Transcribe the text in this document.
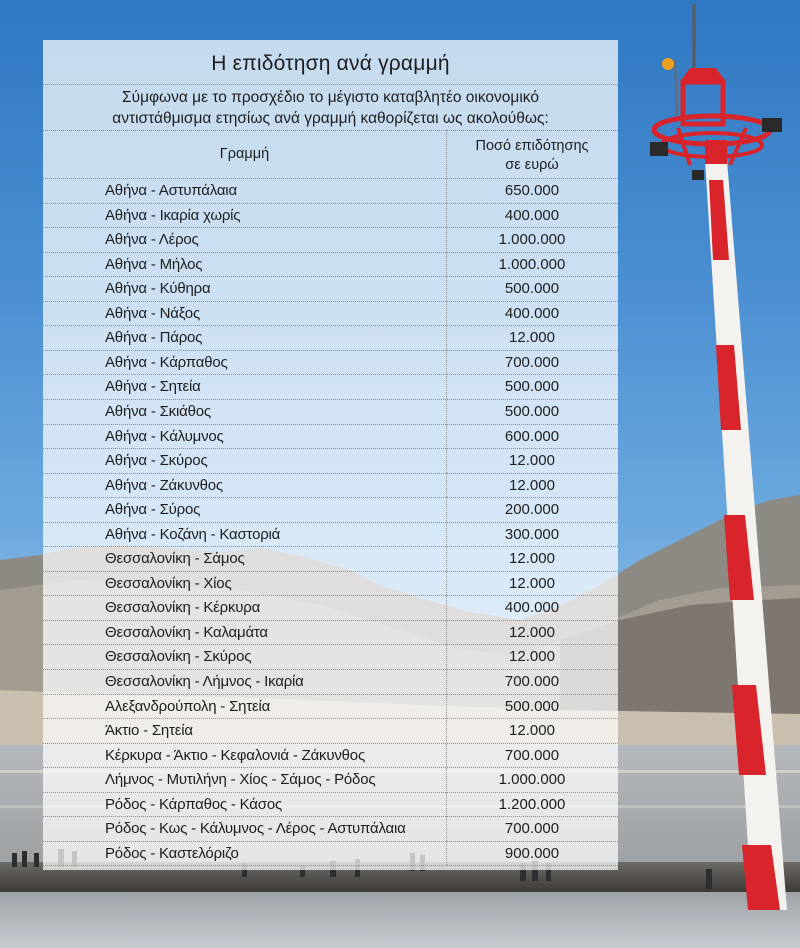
Η επιδότηση ανά γραμμή
Σύμφωνα με το προσχέδιο το μέγιστο καταβλητέο οικονομικό
αντιστάθμισμα ετησίως ανά γραμμή καθορίζεται ως ακολούθως:
Γραμμή	Ποσό επιδότησης
σε ευρώ
Αθήνα - Αστυπάλαια	650.000
Αθήνα - Ικαρία χωρίς	400.000
Αθήνα - Λέρος	1.000.000
Αθήνα - Μήλος	1.000.000
Αθήνα - Κύθηρα	500.000
Αθήνα - Νάξος	400.000
Αθήνα - Πάρος	12.000
Αθήνα - Κάρπαθος	700.000
Αθήνα - Σητεία	500.000
Αθήνα - Σκιάθος	500.000
Αθήνα - Κάλυμνος	600.000
Αθήνα - Σκύρος	12.000
Αθήνα - Ζάκυνθος	12.000
Αθήνα - Σύρος	200.000
Αθήνα - Κοζάνη - Καστοριά	300.000
Θεσσαλονίκη - Σάμος	12.000
Θεσσαλονίκη - Χίος	12.000
Θεσσαλονίκη - Κέρκυρα	400.000
Θεσσαλονίκη - Καλαμάτα	12.000
Θεσσαλονίκη - Σκύρος	12.000
Θεσσαλονίκη - Λήμνος - Ικαρία	700.000
Αλεξανδρούπολη - Σητεία	500.000
Άκτιο - Σητεία	12.000
Κέρκυρα - Άκτιο - Κεφαλονιά - Ζάκυνθος	700.000
Λήμνος - Μυτιλήνη - Χίος - Σάμος - Ρόδος	1.000.000
Ρόδος - Κάρπαθος - Κάσος	1.200.000
Ρόδος - Κως - Κάλυμνος - Λέρος - Αστυπάλαια	700.000
Ρόδος - Καστελόριζο	900.000
